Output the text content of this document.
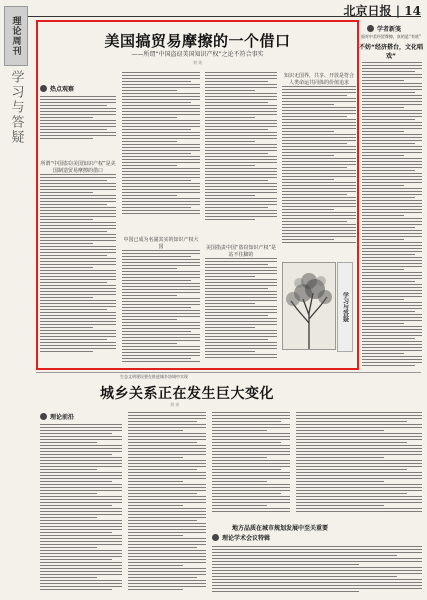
北京日报 | 14
理论周刊
学习与答疑
美国搞贸易摩擦的一个借口
——所谓“中国盗窃美国知识产权”之论不符合事实
刘 英
热点观察
所谓“中国盗窃美国知识产权”是美国制造贸易摩擦的借口
中国已成为名副其实的知识产权大国	美国指责中国“盗窃知识产权”是站不住脚的
知识无国界，共享、开放是符合人类命运共同体的价值追求
学习与答疑
学者新笺
面对中美经贸摩擦，真的是“有底”
不妨“经济搭台，文化唱戏”
生态文明建设要在推进城乡协调中实现
城乡关系正在发生巨大变化
刘 奇
理论前沿
地方品质在城市规划发展中至关重要
理论学术会议特辑
